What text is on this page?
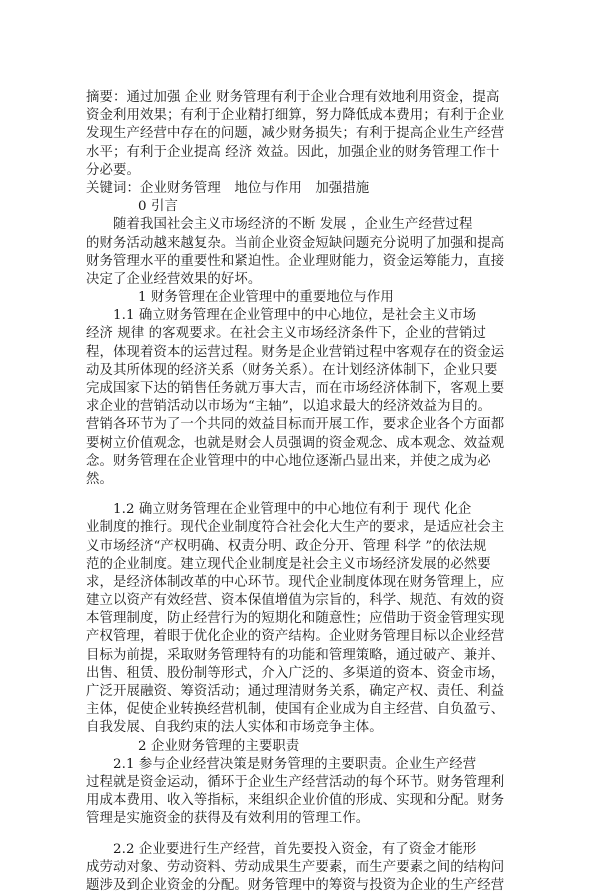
摘要：通过加强 企业 财务管理有利于企业合理有效地利用资金，提高
资金利用效果；有利于企业精打细算，努力降低成本费用；有利于企业
发现生产经营中存在的问题，减少财务损失；有利于提高企业生产经营
水平；有利于企业提高 经济 效益。因此，加强企业的财务管理工作十
分必要。
关键词：企业财务管理　地位与作用　加强措施
0 引言
　　随着我国社会主义市场经济的不断 发展 ，企业生产经营过程
的财务活动越来越复杂。当前企业资金短缺问题充分说明了加强和提高
财务管理水平的重要性和紧迫性。企业理财能力，资金运筹能力，直接
决定了企业经营效果的好坏。
1 财务管理在企业管理中的重要地位与作用
　　1.1 确立财务管理在企业管理中的中心地位，是社会主义市场
经济 规律 的客观要求。在社会主义市场经济条件下，企业的营销过
程，体现着资本的运营过程。财务是企业营销过程中客观存在的资金运
动及其所体现的经济关系（财务关系）。在计划经济体制下，企业只要
完成国家下达的销售任务就万事大吉，而在市场经济体制下，客观上要
求企业的营销活动以市场为“主轴”，以追求最大的经济效益为目的。
营销各环节为了一个共同的效益目标而开展工作，要求企业各个方面都
要树立价值观念，也就是财会人员强调的资金观念、成本观念、效益观
念。财务管理在企业管理中的中心地位逐渐凸显出来，并使之成为必
然。
　　1.2 确立财务管理在企业管理中的中心地位有利于 现代 化企
业制度的推行。现代企业制度符合社会化大生产的要求，是适应社会主
义市场经济“产权明确、权责分明、政企分开、管理 科学 ”的依法规
范的企业制度。建立现代企业制度是社会主义市场经济发展的必然要
求，是经济体制改革的中心环节。现代企业制度体现在财务管理上，应
建立以资产有效经营、资本保值增值为宗旨的，科学、规范、有效的资
本管理制度，防止经营行为的短期化和随意性；应借助于资金管理实现
产权管理，着眼于优化企业的资产结构。企业财务管理目标以企业经营
目标为前提，采取财务管理特有的功能和管理策略，通过破产、兼并、
出售、租赁、股份制等形式，介入广泛的、多渠道的资本、资金市场，
广泛开展融资、筹资活动；通过理清财务关系，确定产权、责任、利益
主体，促使企业转换经营机制，使国有企业成为自主经营、自负盈亏、
自我发展、自我约束的法人实体和市场竞争主体。
2 企业财务管理的主要职责
　　2.1 参与企业经营决策是财务管理的主要职责。企业生产经营
过程就是资金运动，循环于企业生产经营活动的每个环节。财务管理利
用成本费用、收入等指标，来组织企业价值的形成、实现和分配。财务
管理是实施资金的获得及有效利用的管理工作。
　　2.2 企业要进行生产经营，首先要投入资金，有了资金才能形
成劳动对象、劳动资料、劳动成果生产要素，而生产要素之间的结构问
题涉及到企业资金的分配。财务管理中的筹资与投资为企业的生产经营
